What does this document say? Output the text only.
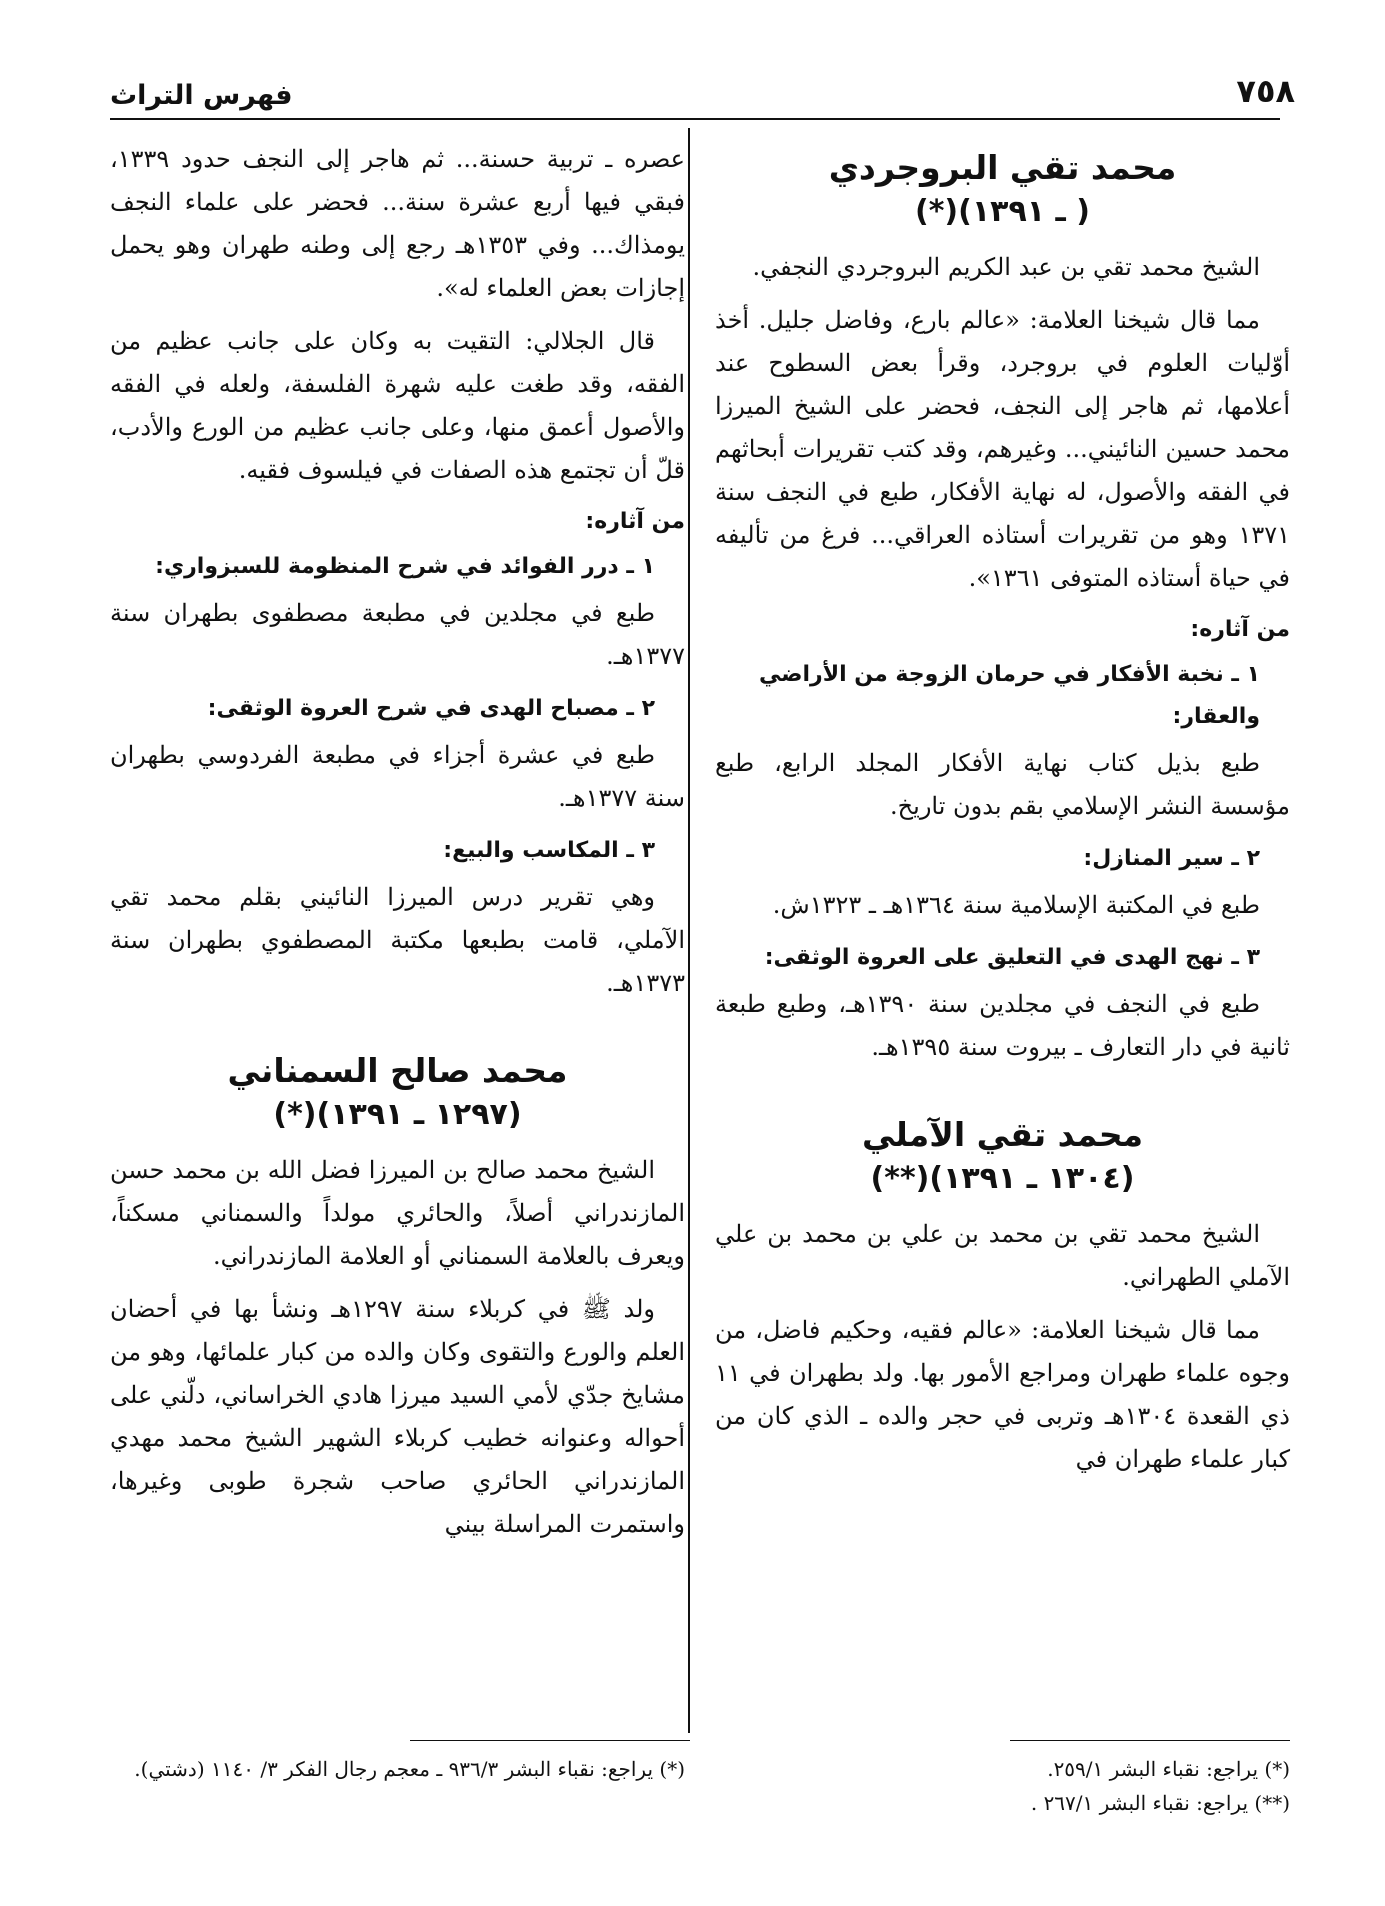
٧٥٨
فهرس التراث
محمد تقي البروجردي
( ـ ١٣٩١)(*)

الشيخ محمد تقي بن عبد الكريم البروجردي النجفي.

مما قال شيخنا العلامة: «عالم بارع، وفاضل جليل. أخذ أوّليات العلوم في بروجرد، وقرأ بعض السطوح عند أعلامها، ثم هاجر إلى النجف، فحضر على الشيخ الميرزا محمد حسين النائيني... وغيرهم، وقد كتب تقريرات أبحاثهم في الفقه والأصول، له نهاية الأفكار، طبع في النجف سنة ١٣٧١ وهو من تقريرات أستاذه العراقي... فرغ من تأليفه في حياة أستاذه المتوفى ١٣٦١».

من آثاره:
١ ـ نخبة الأفكار في حرمان الزوجة من الأراضي والعقار:

طبع بذيل كتاب نهاية الأفكار المجلد الرابع، طبع مؤسسة النشر الإسلامي بقم بدون تاريخ.

٢ ـ سير المنازل:

طبع في المكتبة الإسلامية سنة ١٣٦٤هـ ـ ١٣٢٣ش.

٣ ـ نهج الهدى في التعليق على العروة الوثقى:

طبع في النجف في مجلدين سنة ١٣٩٠هـ، وطبع طبعة ثانية في دار التعارف ـ بيروت سنة ١٣٩٥هـ.

محمد تقي الآملي
(١٣٠٤ ـ ١٣٩١)(**)

الشيخ محمد تقي بن محمد بن علي بن محمد بن علي الآملي الطهراني.

مما قال شيخنا العلامة: «عالم فقيه، وحكيم فاضل، من وجوه علماء طهران ومراجع الأمور بها. ولد بطهران في ١١ ذي القعدة ١٣٠٤هـ وتربى في حجر والده ـ الذي كان من كبار علماء طهران في

عصره ـ تربية حسنة... ثم هاجر إلى النجف حدود ١٣٣٩، فبقي فيها أربع عشرة سنة... فحضر على علماء النجف يومذاك... وفي ١٣٥٣هـ رجع إلى وطنه طهران وهو يحمل إجازات بعض العلماء له».

قال الجلالي: التقيت به وكان على جانب عظيم من الفقه، وقد طغت عليه شهرة الفلسفة، ولعله في الفقه والأصول أعمق منها، وعلى جانب عظيم من الورع والأدب، قلّ أن تجتمع هذه الصفات في فيلسوف فقيه.

من آثاره:
١ ـ درر الفوائد في شرح المنظومة للسبزواري:

طبع في مجلدين في مطبعة مصطفوى بطهران سنة ١٣٧٧هـ.

٢ ـ مصباح الهدى في شرح العروة الوثقى:

طبع في عشرة أجزاء في مطبعة الفردوسي بطهران سنة ١٣٧٧هـ.

٣ ـ المكاسب والبيع:

وهي تقرير درس الميرزا النائيني بقلم محمد تقي الآملي، قامت بطبعها مكتبة المصطفوي بطهران سنة ١٣٧٣هـ.

محمد صالح السمناني
(١٢٩٧ ـ ١٣٩١)(*)

الشيخ محمد صالح بن الميرزا فضل الله بن محمد حسن المازندراني أصلاً، والحائري مولداً والسمناني مسكناً، ويعرف بالعلامة السمناني أو العلامة المازندراني.

ولد ﷺ في كربلاء سنة ١٢٩٧هـ ونشأ بها في أحضان العلم والورع والتقوى وكان والده من كبار علمائها، وهو من مشايخ جدّي لأمي السيد ميرزا هادي الخراساني، دلّني على أحواله وعنوانه خطيب كربلاء الشهير الشيخ محمد مهدي المازندراني الحائري صاحب شجرة طوبى وغيرها، واستمرت المراسلة بيني

(*) يراجع: نقباء البشر ٢٥٩/١.
(**) يراجع: نقباء البشر ٢٦٧/١ .
(*) يراجع: نقباء البشر ٩٣٦/٣ ـ معجم رجال الفكر ٣/ ١١٤٠ (دشتي).
